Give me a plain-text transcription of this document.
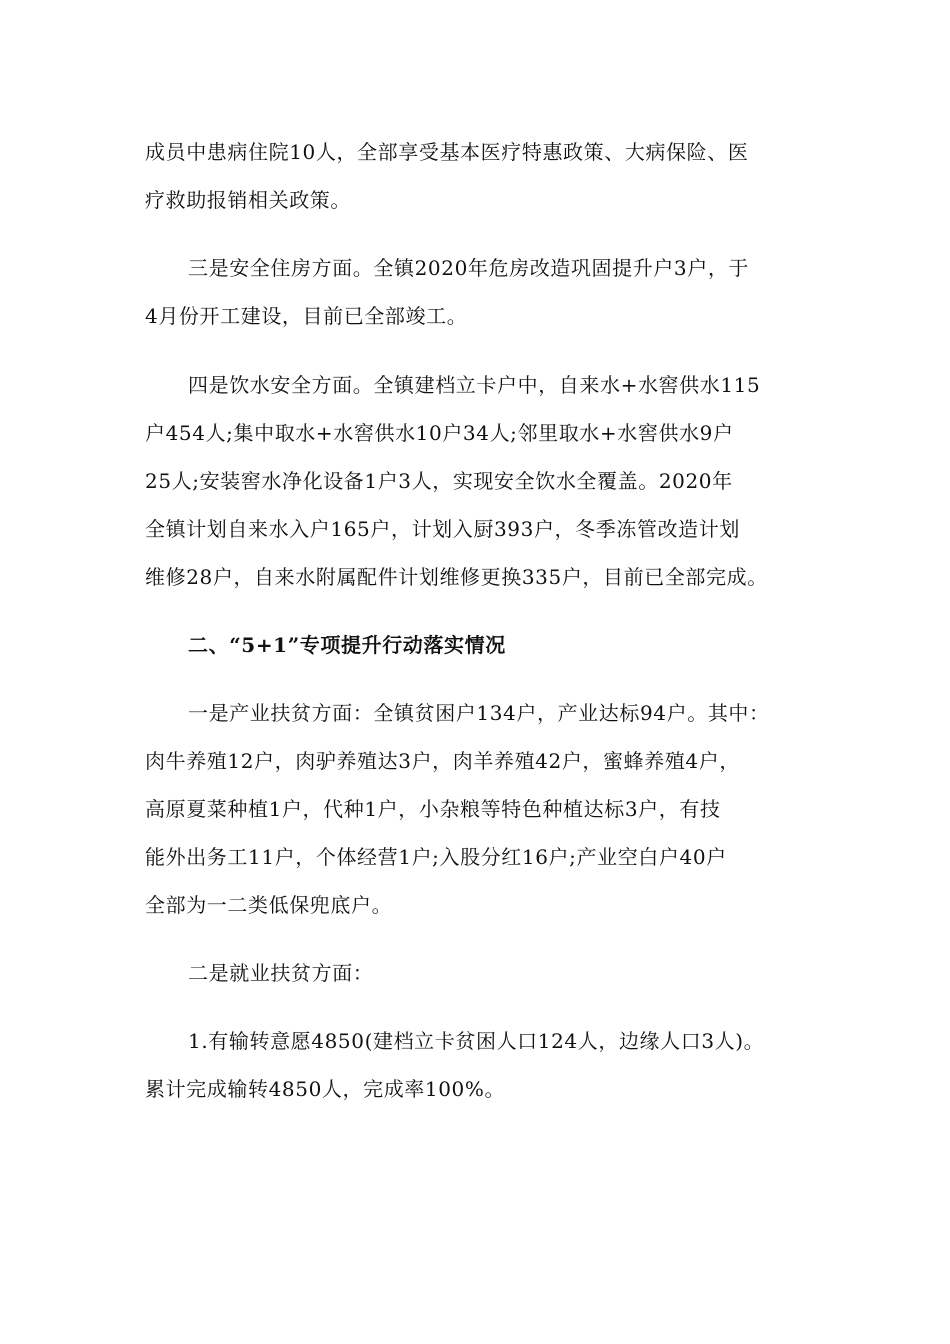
成员中患病住院10人，全部享受基本医疗特惠政策、大病保险、医
疗救助报销相关政策。
三是安全住房方面。全镇2020年危房改造巩固提升户3户，于
4月份开工建设，目前已全部竣工。
四是饮水安全方面。全镇建档立卡户中，自来水+水窖供水115
户454人;集中取水+水窖供水10户34人;邻里取水+水窖供水9户
25人;安装窖水净化设备1户3人，实现安全饮水全覆盖。2020年
全镇计划自来水入户165户，计划入厨393户，冬季冻管改造计划
维修28户，自来水附属配件计划维修更换335户，目前已全部完成。
二、“5+1”专项提升行动落实情况
一是产业扶贫方面：全镇贫困户134户，产业达标94户。其中：
肉牛养殖12户，肉驴养殖达3户，肉羊养殖42户，蜜蜂养殖4户，
高原夏菜种植1户，代种1户，小杂粮等特色种植达标3户，有技
能外出务工11户，个体经营1户;入股分红16户;产业空白户40户
全部为一二类低保兜底户。
二是就业扶贫方面：
1.有输转意愿4850(建档立卡贫困人口124人，边缘人口3人)。
累计完成输转4850人，完成率100%。
